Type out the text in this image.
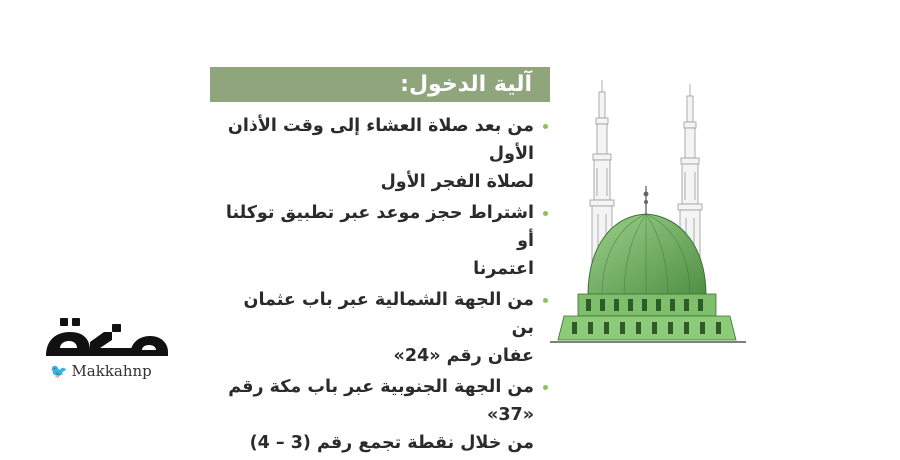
آلية الدخول:
من بعد صلاة العشاء إلى وقت الأذان الأول
لصلاة الفجر الأول
اشتراط حجز موعد عبر تطبيق توكلنا أو
اعتمرنا
من الجهة الشمالية عبر باب عثمان بن
عفان رقم «24»
من الجهة الجنوبية عبر باب مكة رقم «37»
من خلال نقطة تجمع رقم (3 – 4)
🐦 Makkahnp
